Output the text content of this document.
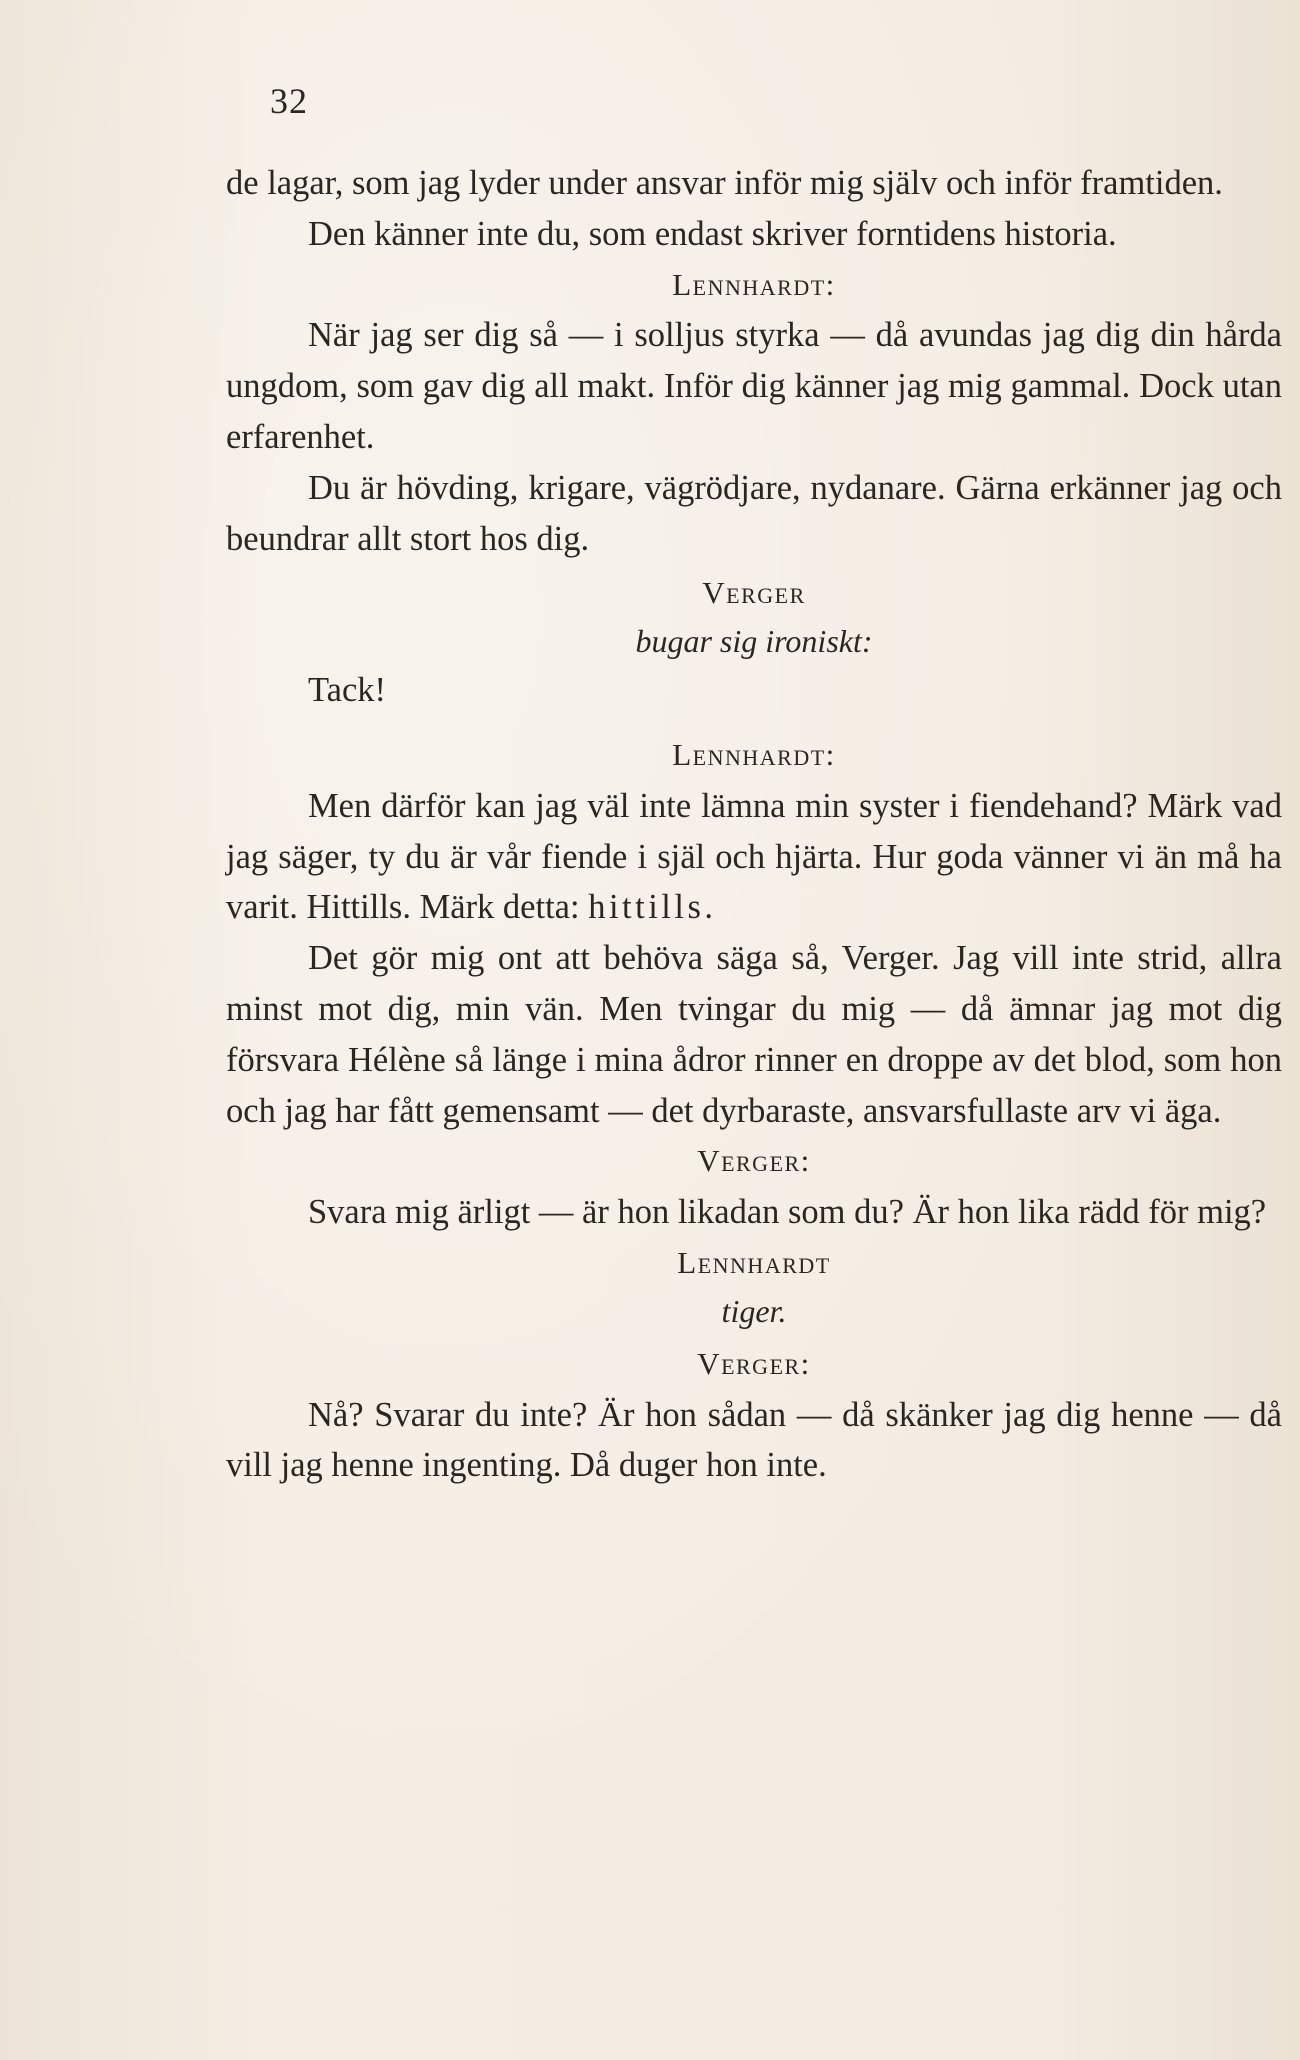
32

de lagar, som jag lyder under ansvar inför mig själv och inför framtiden.

Den känner inte du, som endast skriver forntidens historia.

Lennhardt:

När jag ser dig så — i solljus styrka — då avundas jag dig din hårda ungdom, som gav dig all makt. Inför dig känner jag mig gammal. Dock utan erfarenhet.

Du är hövding, krigare, vägrödjare, nydanare. Gärna erkänner jag och beundrar allt stort hos dig.

Verger

bugar sig ironiskt:

Tack!

Lennhardt:

Men därför kan jag väl inte lämna min syster i fiendehand? Märk vad jag säger, ty du är vår fiende i själ och hjärta. Hur goda vänner vi än må ha varit. Hittills. Märk detta: hittills.

Det gör mig ont att behöva säga så, Verger. Jag vill inte strid, allra minst mot dig, min vän. Men tvingar du mig — då ämnar jag mot dig försvara Hélène så länge i mina ådror rinner en droppe av det blod, som hon och jag har fått gemensamt — det dyrbaraste, ansvarsfullaste arv vi äga.

Verger:

Svara mig ärligt — är hon likadan som du? Är hon lika rädd för mig?

Lennhardt

tiger.

Verger:

Nå? Svarar du inte? Är hon sådan — då skänker jag dig henne — då vill jag henne ingenting. Då duger hon inte.
